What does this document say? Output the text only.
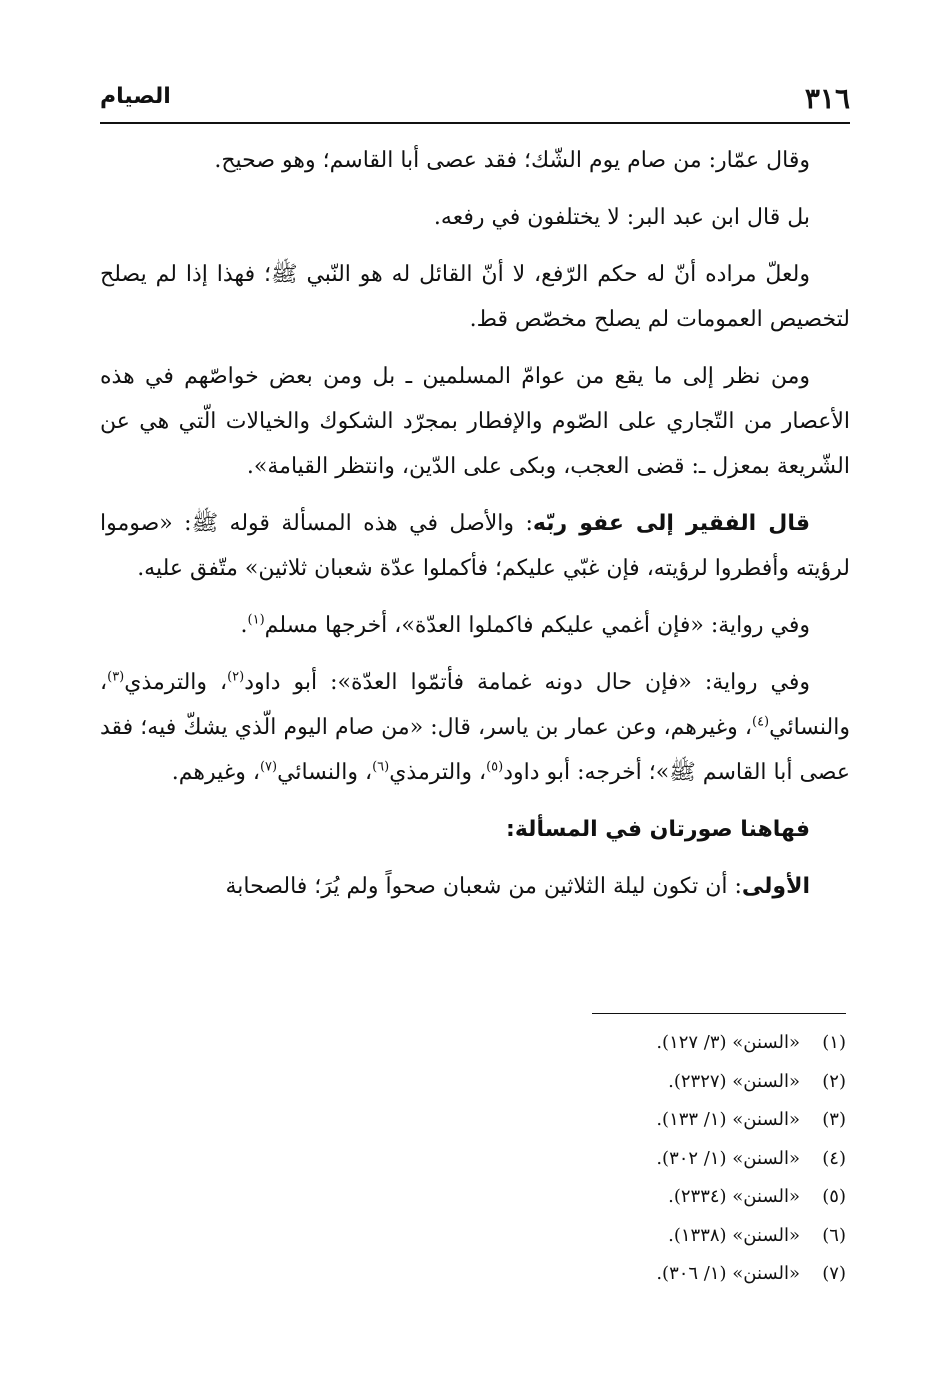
٣١٦
الصيام

وقال عمّار: من صام يوم الشّك؛ فقد عصى أبا القاسم؛ وهو صحيح.

بل قال ابن عبد البر: لا يختلفون في رفعه.

ولعلّ مراده أنّ له حكم الرّفع، لا أنّ القائل له هو النّبي ﷺ؛ فهذا إذا لم يصلح لتخصيص العمومات لم يصلح مخصّص قط.

ومن نظر إلى ما يقع من عوامّ المسلمين ـ بل ومن بعض خواصّهم في هذه الأعصار من التّجاري على الصّوم والإفطار بمجرّد الشكوك والخيالات الّتي هي عن الشّريعة بمعزل ـ: قضى العجب، وبكى على الدّين، وانتظر القيامة».

قال الفقير إلى عفو ربّه: والأصل في هذه المسألة قوله ﷺ: «صوموا لرؤيته وأفطروا لرؤيته، فإن غبّي عليكم؛ فأكملوا عدّة شعبان ثلاثين» متّفق عليه.

وفي رواية: «فإن أغمي عليكم فاكملوا العدّة»، أخرجها مسلم$^{(١)}$.

وفي رواية: «فإن حال دونه غمامة فأتمّوا العدّة»: أبو داود$^{(٢)}$، والترمذي$^{(٣)}$، والنسائي$^{(٤)}$، وغيرهم، وعن عمار بن ياسر، قال: «من صام اليوم الّذي يشكّ فيه؛ فقد عصى أبا القاسم ﷺ»؛ أخرجه: أبو داود$^{(٥)}$، والترمذي$^{(٦)}$، والنسائي$^{(٧)}$، وغيرهم.

فهاهنا صورتان في المسألة:

الأولى: أن تكون ليلة الثلاثين من شعبان صحواً ولم يُرَ؛ فالصحابة

(١)
«السنن» (٣/ ١٢٧).
(٢)
«السنن» (٢٣٢٧).
(٣)
«السنن» (١/ ١٣٣).
(٤)
«السنن» (١/ ٣٠٢).
(٥)
«السنن» (٢٣٣٤).
(٦)
«السنن» (١٣٣٨).
(٧)
«السنن» (١/ ٣٠٦).
